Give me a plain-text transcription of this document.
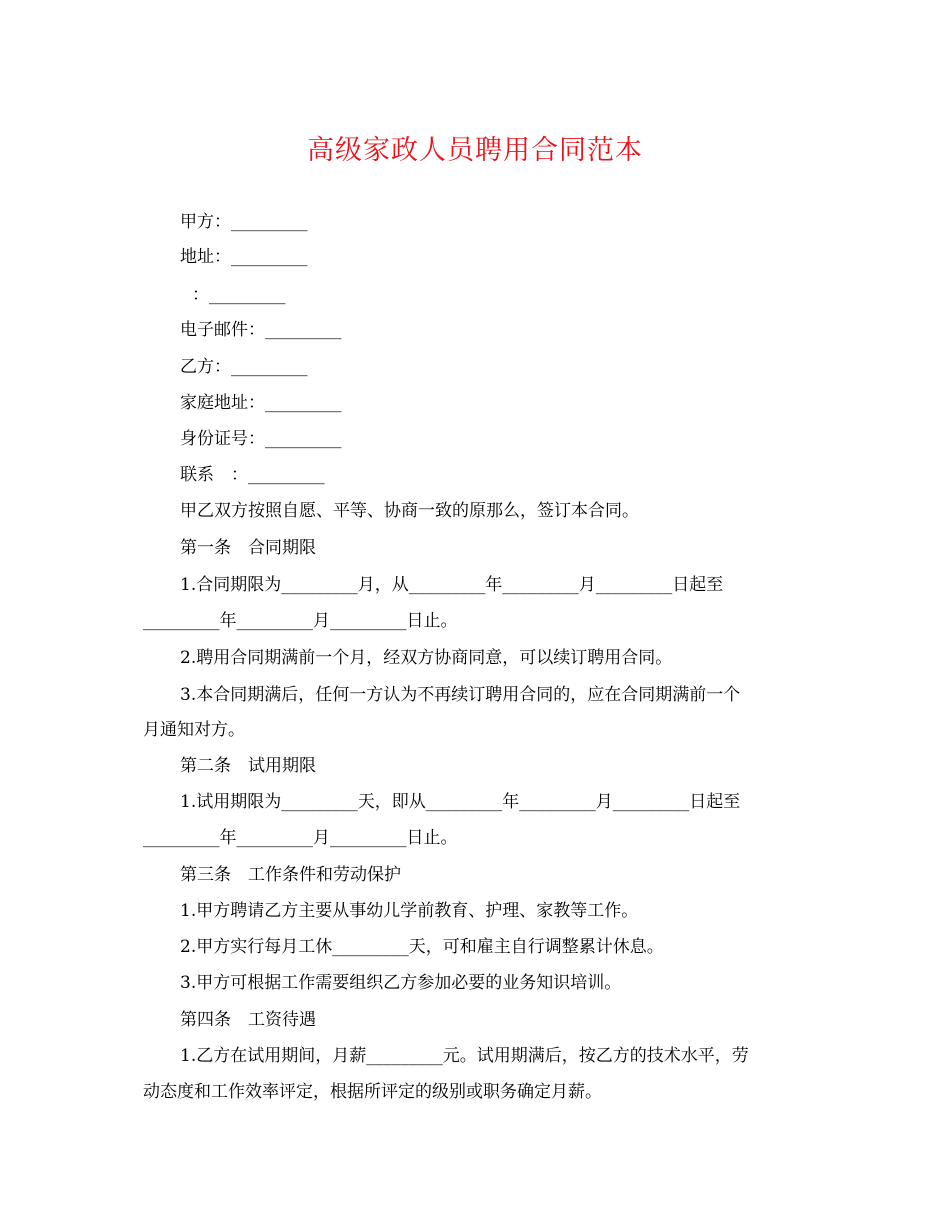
高级家政人员聘用合同范本
甲方：_________
地址：_________
：_________
电子邮件：_________
乙方：_________
家庭地址：_________
身份证号：_________
联系　：_________
甲乙双方按照自愿、平等、协商一致的原那么，签订本合同。
第一条　合同期限
1.合同期限为_________月，从_________年_________月_________日起至
_________年_________月_________日止。
2.聘用合同期满前一个月，经双方协商同意，可以续订聘用合同。
3.本合同期满后，任何一方认为不再续订聘用合同的，应在合同期满前一个
月通知对方。
第二条　试用期限
1.试用期限为_________天，即从_________年_________月_________日起至
_________年_________月_________日止。
第三条　工作条件和劳动保护
1.甲方聘请乙方主要从事幼儿学前教育、护理、家教等工作。
2.甲方实行每月工休_________天，可和雇主自行调整累计休息。
3.甲方可根据工作需要组织乙方参加必要的业务知识培训。
第四条　工资待遇
1.乙方在试用期间，月薪_________元。试用期满后，按乙方的技术水平，劳
动态度和工作效率评定，根据所评定的级别或职务确定月薪。
